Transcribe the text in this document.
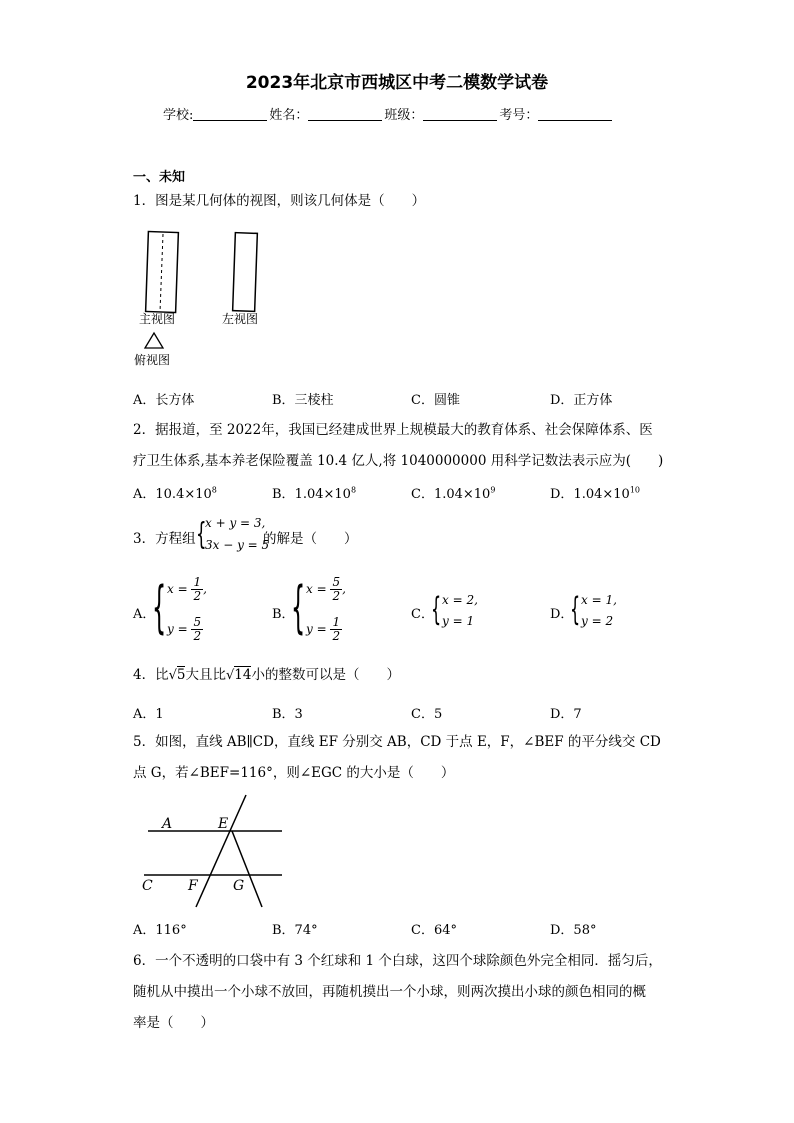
2023年北京市西城区中考二模数学试卷
学校:	姓名：	班级：	考号：
一、未知
1．图是某几何体的视图，则该几何体是（　　）
主视图	左视图
俯视图
A．长方体	B．三棱柱	C．圆锥	D．正方体
2．据报道，至 2022年，我国已经建成世界上规模最大的教育体系、社会保障体系、医
疗卫生体系,基本养老保险覆盖 10.4 亿人,将 1040000000 用科学记数法表示应为(　　)
A．$10.4\times 10^8$	B．$1.04\times 10^8$	C．$1.04\times 10^9$	D．$1.04\times 10^{10}$
3．方程组 {
x + y = 3,
3x − y = 5
的解是（　　）
A．
{ $x = \frac{1}{2}$ ,
$y = \frac{5}{2}$
B．
{ $x = \frac{5}{2}$ ,
$y = \frac{1}{2}$
C．
{ x = 2,
y = 1	D．
{ x = 1,
y = 2
4．比√5大且比√14小的整数可以是（　　）
A．1	B．3	C．5	D．7
5．如图，直线 AB∥CD，直线 EF 分别交 AB，CD 于点 E，F，∠BEF 的平分线交 CD
点 G，若∠BEF=116°，则∠EGC 的大小是（　　）
A	E
C	F	G
A．116°	B．74°	C．64°	D．58°
6．一个不透明的口袋中有 3 个红球和 1 个白球，这四个球除颜色外完全相同．摇匀后，
随机从中摸出一个小球不放回，再随机摸出一个小球，则两次摸出小球的颜色相同的概
率是（　　）
